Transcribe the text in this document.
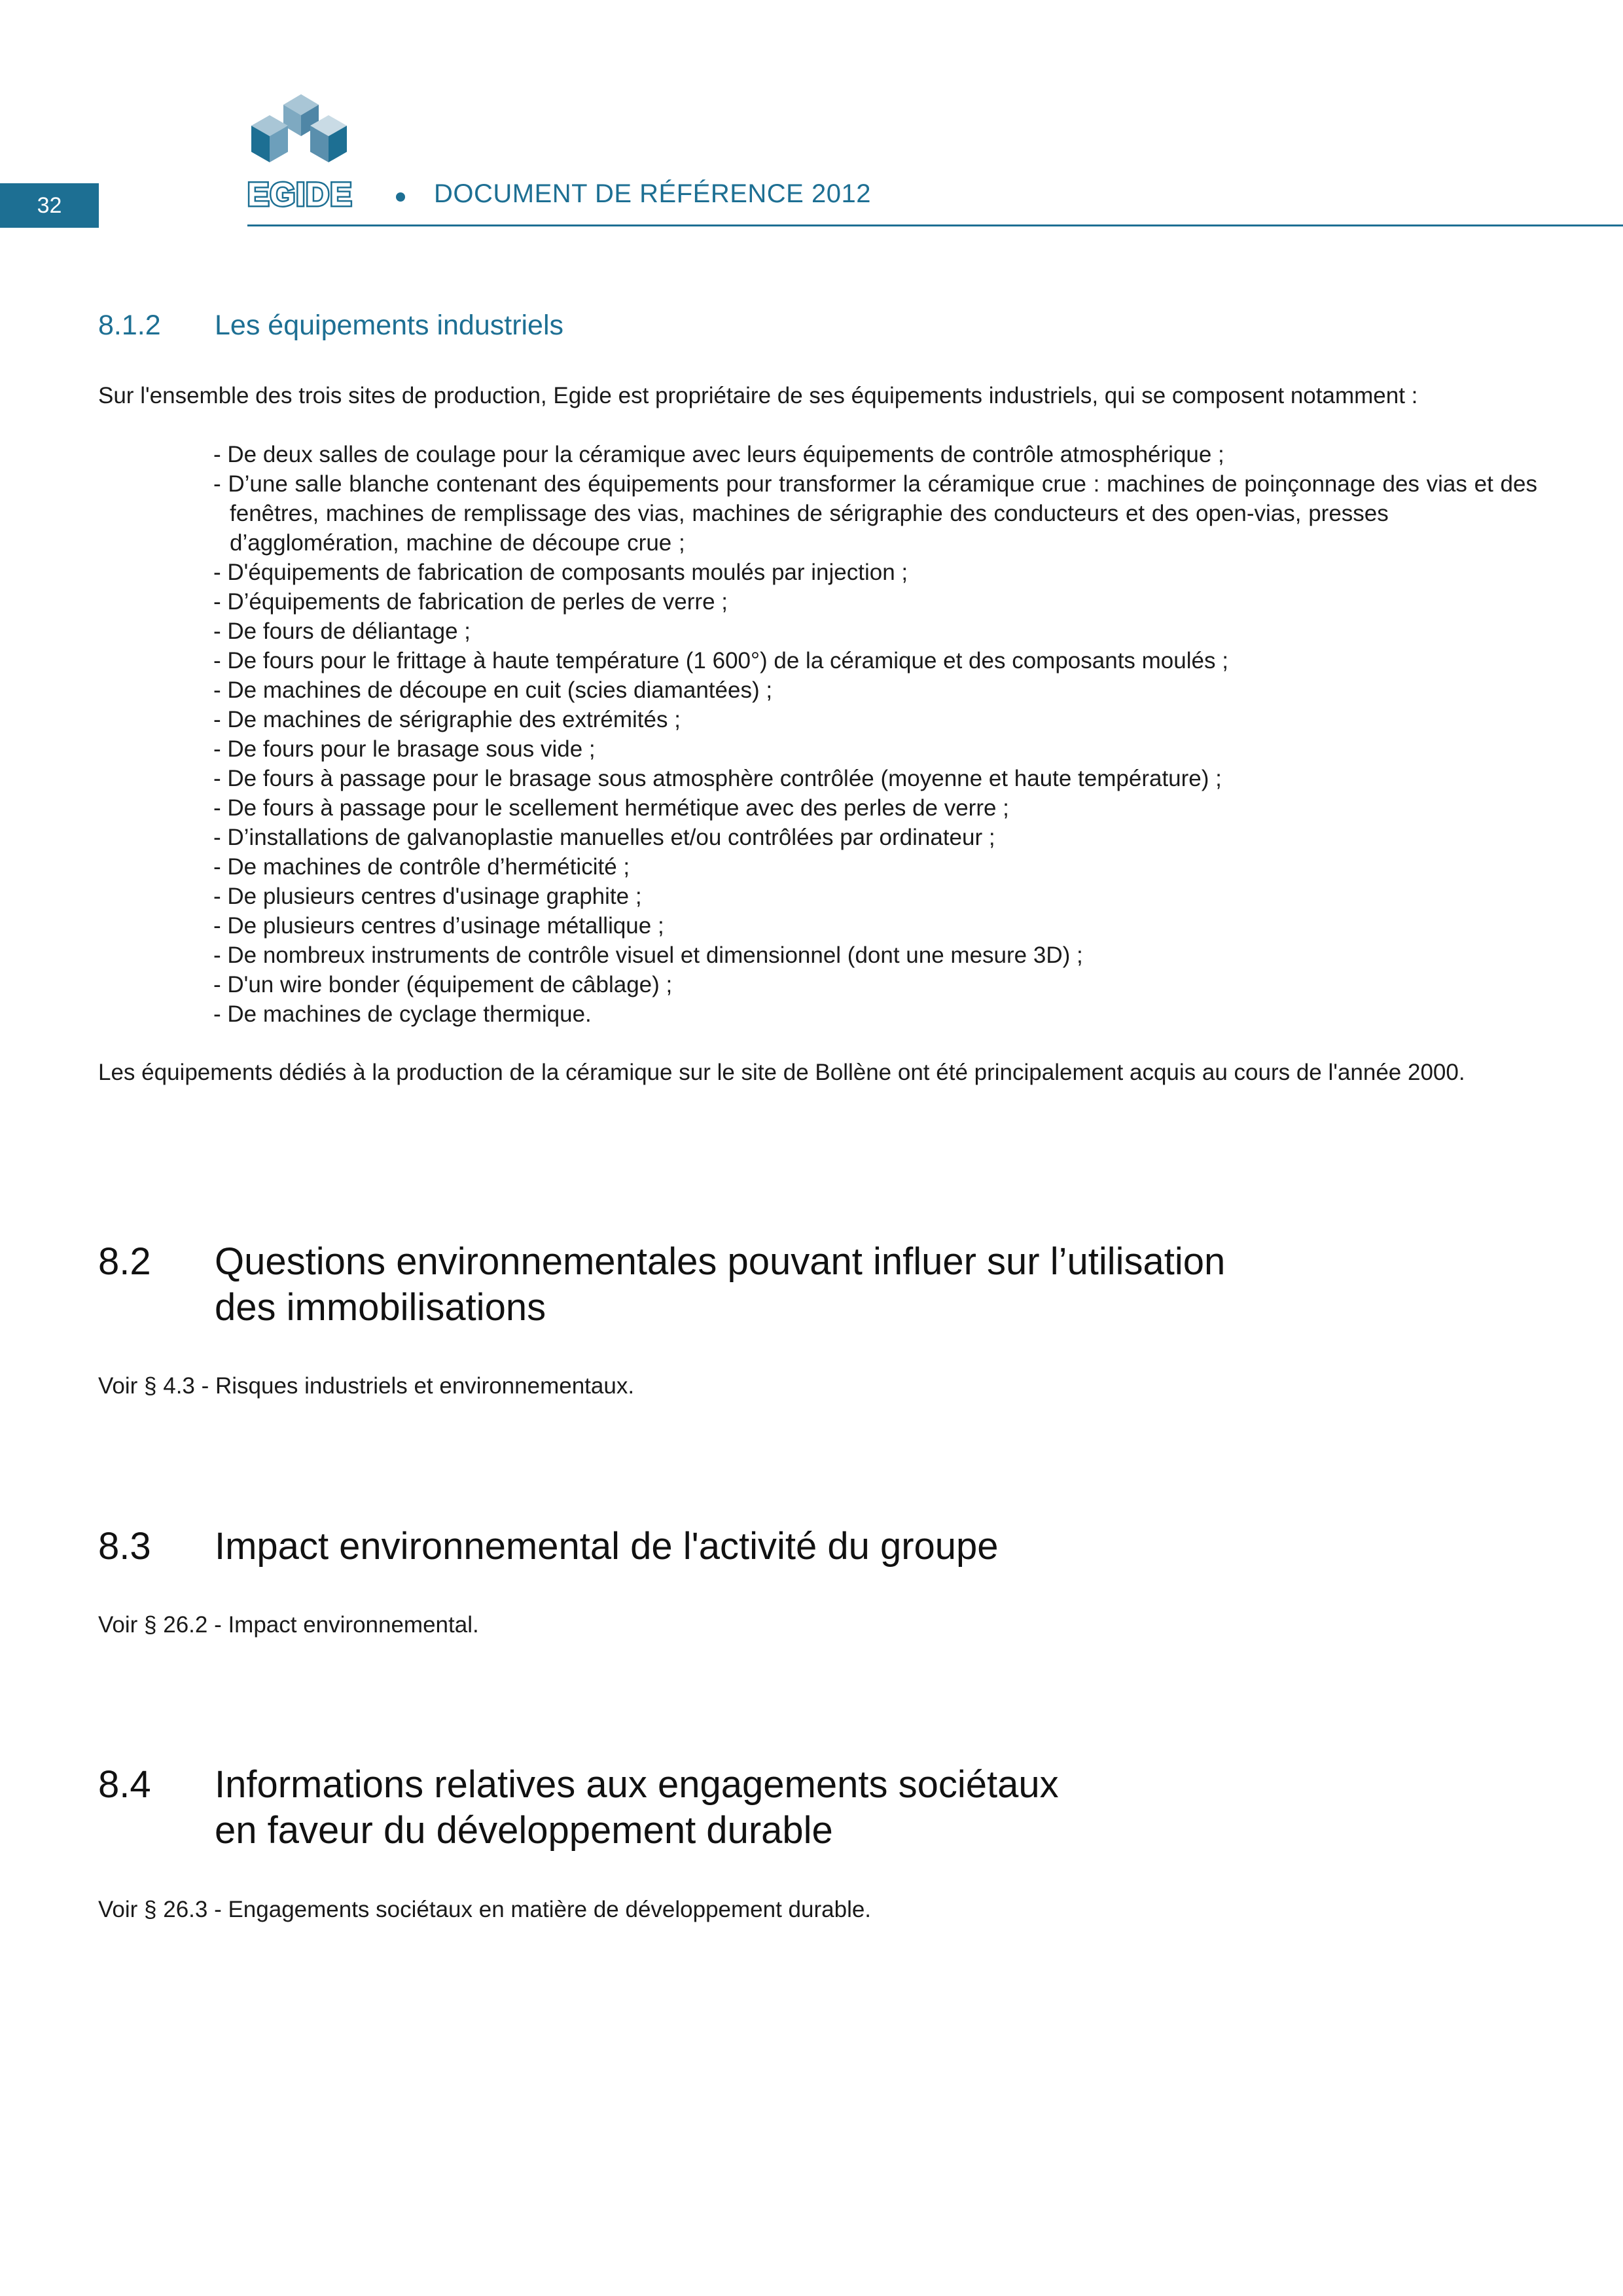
32	EGIDE	DOCUMENT DE RÉFÉRENCE 2012
8.1.2 Les équipements industriels

Sur l'ensemble des trois sites de production, Egide est propriétaire de ses équipements industriels, qui se composent notamment :

- De deux salles de coulage pour la céramique avec leurs équipements de contrôle atmosphérique ;
- D’une salle blanche contenant des équipements pour transformer la céramique crue : machines de poinçonnage des vias et des fenêtres, machines de remplissage des vias, machines de sérigraphie des conducteurs et des open-vias, presses d’agglomération, machine de découpe crue ;
- D'équipements de fabrication de composants moulés par injection ;
- D’équipements de fabrication de perles de verre ;
- De fours de déliantage ;
- De fours pour le frittage à haute température (1 600°) de la céramique et des composants moulés ;
- De machines de découpe en cuit (scies diamantées) ;
- De machines de sérigraphie des extrémités ;
- De fours pour le brasage sous vide ;
- De fours à passage pour le brasage sous atmosphère contrôlée (moyenne et haute température) ;
- De fours à passage pour le scellement hermétique avec des perles de verre ;
- D’installations de galvanoplastie manuelles et/ou contrôlées par ordinateur ;
- De machines de contrôle d’herméticité ;
- De plusieurs centres d'usinage graphite ;
- De plusieurs centres d’usinage métallique ;
- De nombreux instruments de contrôle visuel et dimensionnel (dont une mesure 3D) ;
- D'un wire bonder (équipement de câblage) ;
- De machines de cyclage thermique.

Les équipements dédiés à la production de la céramique sur le site de Bollène ont été principalement acquis au cours de l'année 2000.

8.2	Questions environnementales pouvant influer sur l’utilisation
des immobilisations

Voir § 4.3 - Risques industriels et environnementaux.

8.3	Impact environnemental de l'activité du groupe

Voir § 26.2 - Impact environnemental.

8.4	Informations relatives aux engagements sociétaux
en faveur du développement durable

Voir § 26.3 - Engagements sociétaux en matière de développement durable.
